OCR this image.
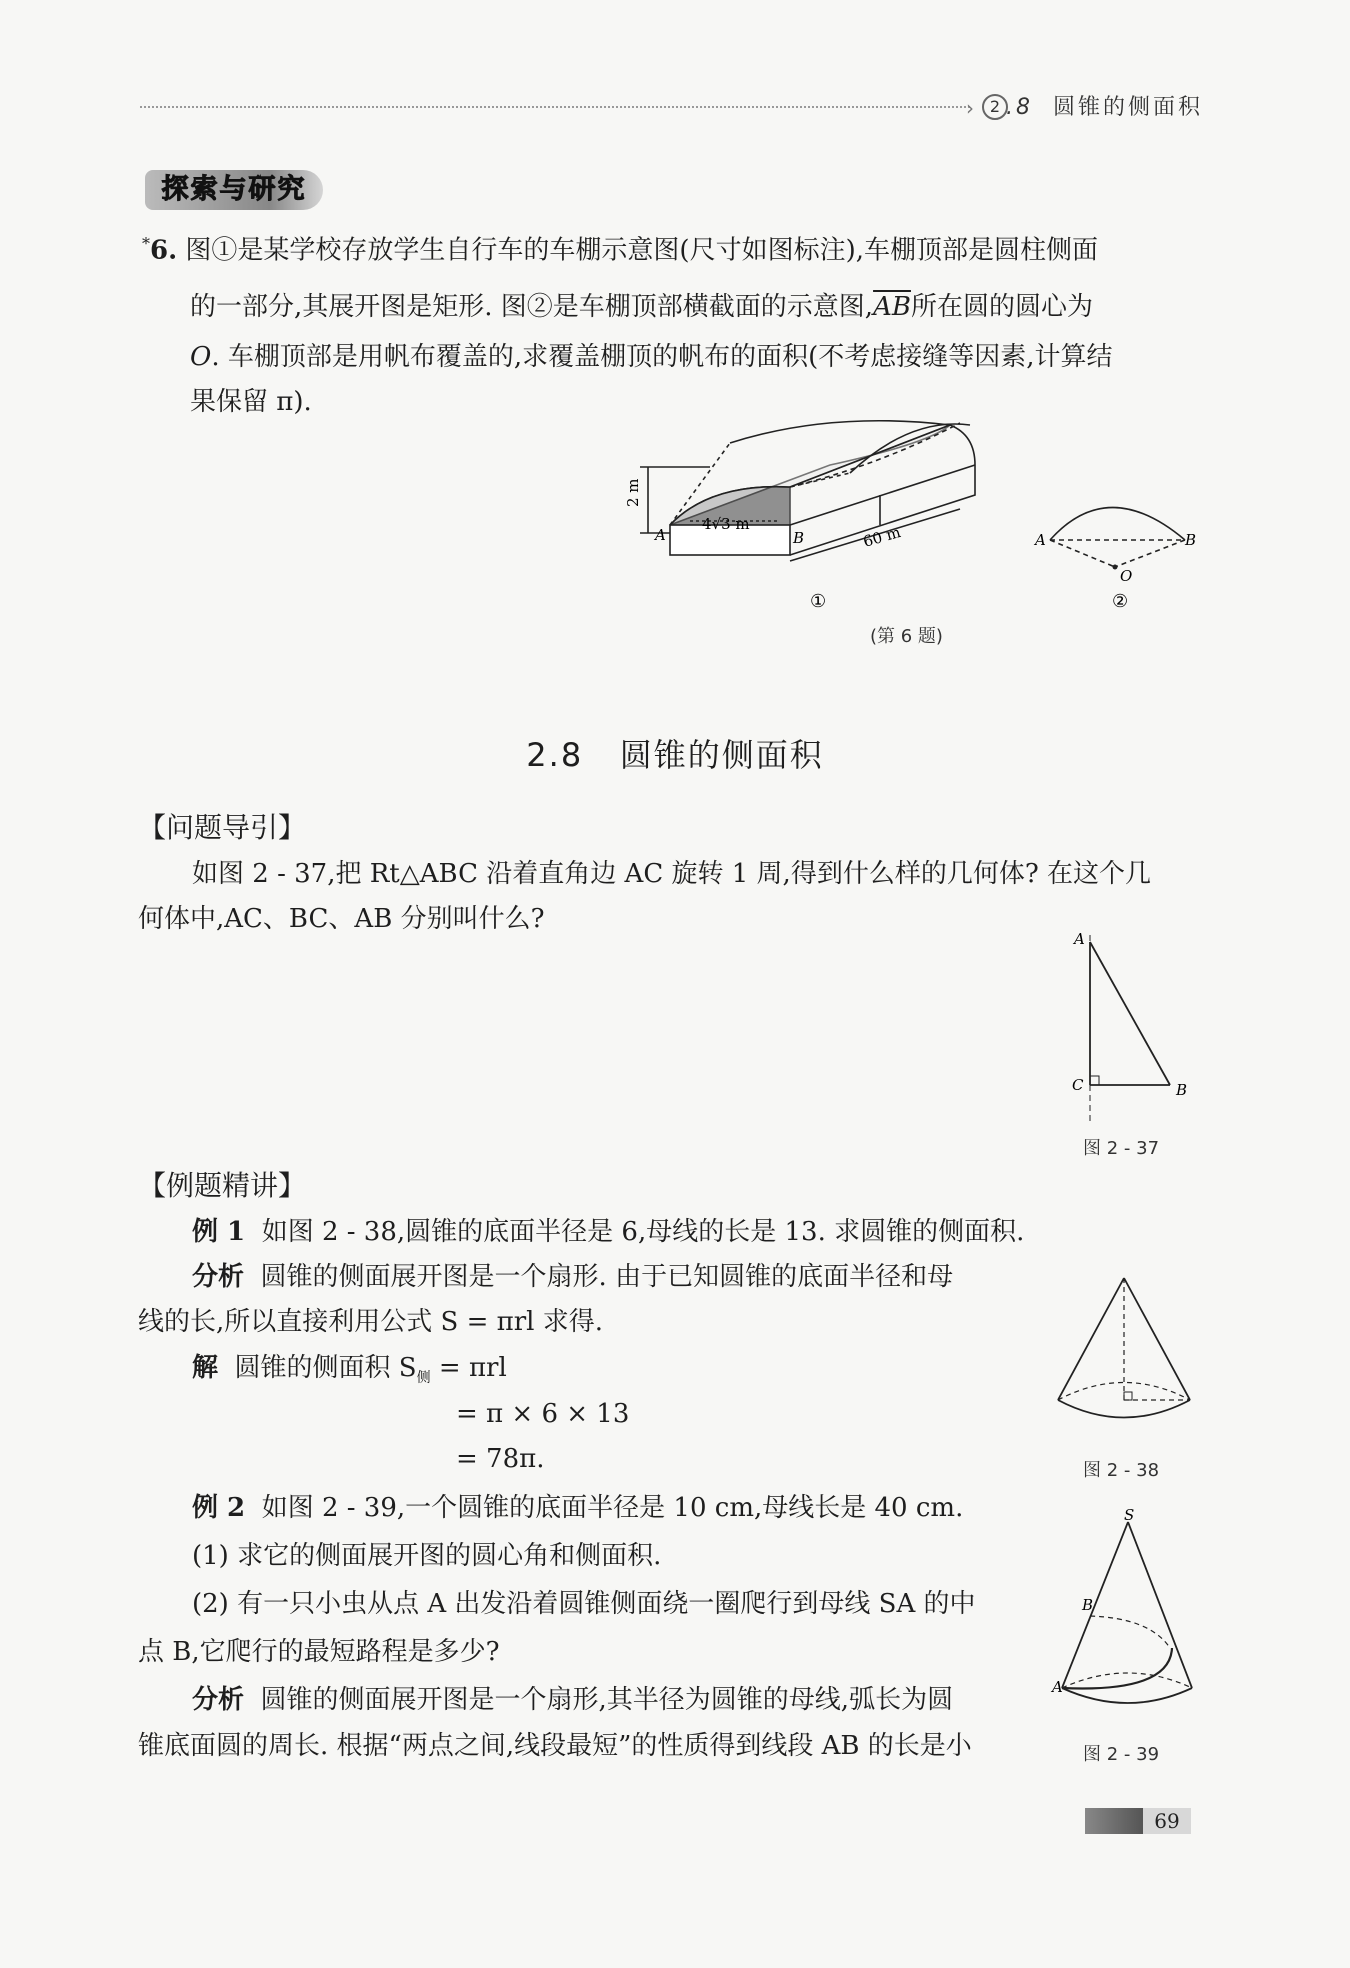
› 2 .8 圆锥的侧面积
探索与研究
*6. 图①是某学校存放学生自行车的车棚示意图(尺寸如图标注),车棚顶部是圆柱侧面
的一部分,其展开图是矩形. 图②是车棚顶部横截面的示意图$,\overline{AB}$所在圆的圆心为
O. 车棚顶部是用帆布覆盖的,求覆盖棚顶的帆布的面积(不考虑接缝等因素,计算结
果保留 π).
2 m
A	B
4√3 m	60 m
①
A	B
O
②
(第 6 题)
2.8 圆锥的侧面积
【问题导引】
如图 2 - 37,把 Rt△ABC 沿着直角边 AC 旋转 1 周,得到什么样的几何体? 在这个几
何体中,AC、BC、AB 分别叫什么?
A
B
C
图 2 - 37
【例题精讲】
例 1 如图 2 - 38,圆锥的底面半径是 6,母线的长是 13. 求圆锥的侧面积.
分析 圆锥的侧面展开图是一个扇形. 由于已知圆锥的底面半径和母
线的长,所以直接利用公式 S = πrl 求得.
解 圆锥的侧面积 $S_侧 = \pi rl$
= π × 6 × 13
= 78π.	图 2 - 38
例 2 如图 2 - 39,一个圆锥的底面半径是 10 cm,母线长是 40 cm.
(1) 求它的侧面展开图的圆心角和侧面积.
(2) 有一只小虫从点 A 出发沿着圆锥侧面绕一圈爬行到母线 SA 的中
点 B,它爬行的最短路程是多少?
分析 圆锥的侧面展开图是一个扇形,其半径为圆锥的母线,弧长为圆
锥底面圆的周长. 根据“两点之间,线段最短”的性质得到线段 AB 的长是小
S
B
A
图 2 - 39
69
